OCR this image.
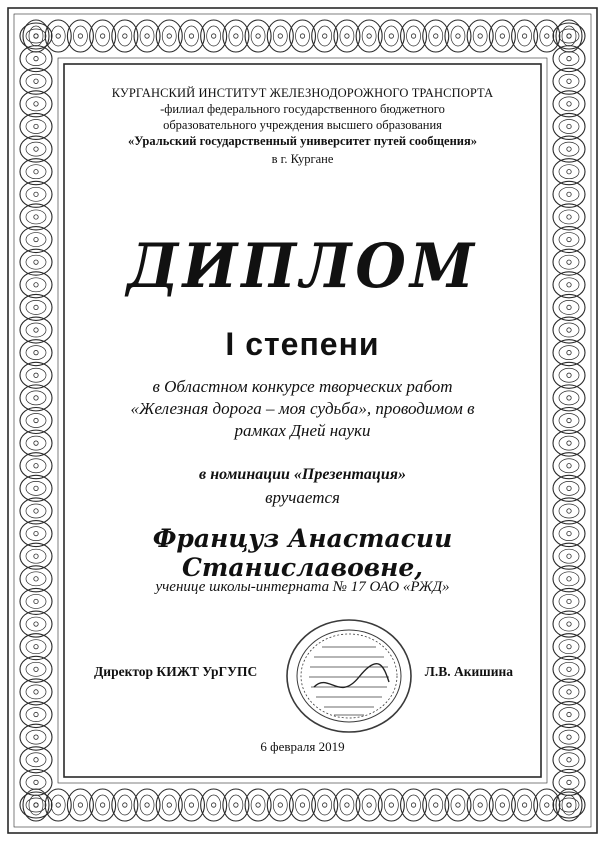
КУРГАНСКИЙ ИНСТИТУТ ЖЕЛЕЗНОДОРОЖНОГО ТРАНСПОРТА
-филиал федерального государственного бюджетного
образовательного учреждения высшего образования
«Уральский государственный университет путей сообщения»
в г. Кургане
ДИПЛОМ
I степени
в Областном конкурсе творческих работ
«Железная дорога – моя судьба», проводимом в
рамках Дней науки
в номинации «Презентация»
вручается
Француз Анастасии Станиславовне,
ученице школы-интерната № 17 ОАО «РЖД»
Директор КИЖТ УрГУПС	Л.В. Акишина
6 февраля 2019
